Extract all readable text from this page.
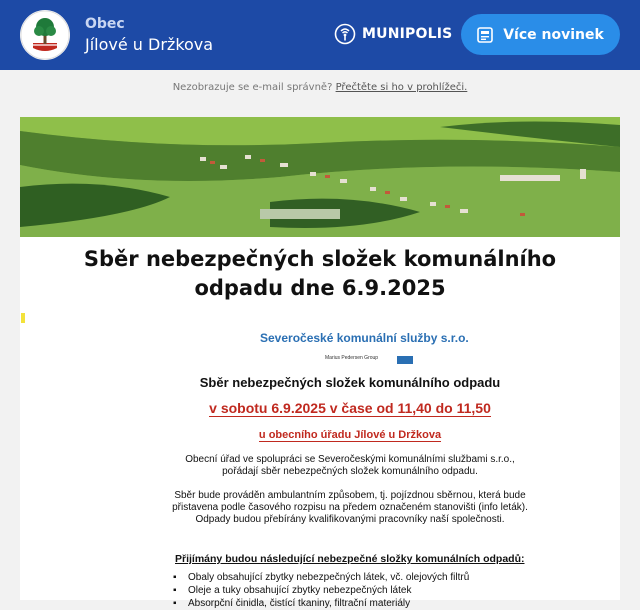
Obec
Jílové u Držkova
MUNIPOLIS	Více novinek
Nezobrazuje se e-mail správně? Přečtěte si ho v prohlížeči.
Sběr nebezpečných složek komunálního odpadu dne 6.9.2025
Severočeské komunální služby s.r.o.
Marius Pedersen Group
Sběr nebezpečných složek komunálního odpadu
v sobotu 6.9.2025 v čase od 11,40 do 11,50
u obecního úřadu Jílové u Držkova
Obecní úřad ve spolupráci se Severočeskými komunálními službami s.r.o., pořádají sběr nebezpečných složek komunálního odpadu.
Sběr bude prováděn ambulantním způsobem, tj. pojízdnou sběrnou, která bude přistavena podle časového rozpisu na předem označeném stanovišti (info leták). Odpady budou přebírány kvalifikovanými pracovníky naší společnosti.
Přijímány budou následující nebezpečné složky komunálních odpadů:
▪ Obaly obsahující zbytky nebezpečných látek, vč. olejových filtrů
▪ Oleje a tuky obsahující zbytky nebezpečných látek
▪ Absorpční činidla, čistící tkaniny, filtrační materiály
